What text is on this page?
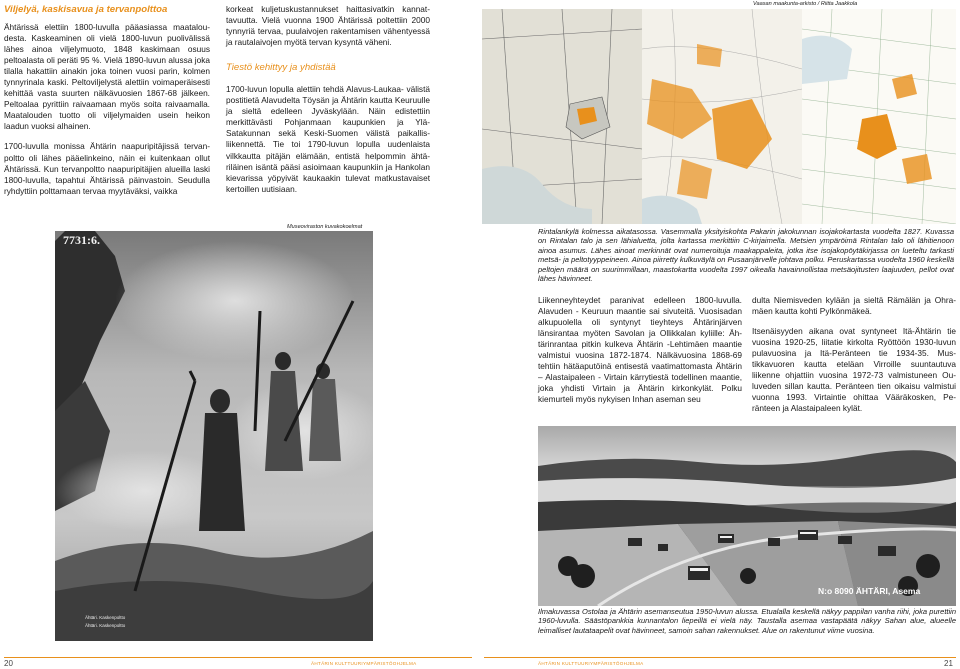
Viljelyä, kaskisavua ja tervanpolttoa

Ähtärissä elettiin 1800-luvulla pääasiassa maataloudesta. Kaskeaminen oli vielä 1800-luvun puolivälissä lähes ainoa viljelymuoto, 1848 kaskimaan osuus peltoalasta oli peräti 95 %. Vielä 1890-luvun alussa joka tilalla hakattiin ainakin joka toinen vuosi parin, kolmen tynnyrinala kaski. Peltoviljelystä alettiin voimaperäisesti kehittää vasta suurten nälkävuosien 1867-68 jälkeen. Peltoalaa pyrittiin raivaamaan myös soita raivaamalla. Maatalouden tuotto oli viljelymaiden usein heikon laadun vuoksi alhainen.

1700-luvulla monissa Ähtärin naapuripitäjissä tervanpoltto oli lähes pääelinkeino, näin ei kuitenkaan ollut Ähtärissä. Kun tervanpoltto naapuripitäjien alueilla laski 1800-luvulla, tapahtui Ähtärissä päinvastoin. Seudulla ryhdyttiin polttamaan tervaa myytäväksi, vaikka

korkeat kuljetuskustannukset haittasivatkin kannattavuutta. Vielä vuonna 1900 Ähtärissä poltettiin 2000 tynnyriä tervaa, puulaivojen rakentamisen vähentyessä ja rautalaivojen myötä tervan kysyntä väheni.

Tiestö kehittyy ja yhdistää

1700-luvun lopulla alettiin tehdä Alavus-Laukaa- välistä postitietä Alavudelta Töysän ja Ähtärin kautta Keuruulle ja sieltä edelleen Jyväskylään. Näin edistettiin merkittävästi Pohjanmaan kaupunkien ja Ylä-Satakunnan sekä Keski-Suomen välistä paikallisliikennettä. Tie toi 1790-luvun lopulla uudenlaista vilkkautta pitäjän elämään, entistä helpommin ähtäriläinen isäntä pääsi asioimaan kaupunkiin ja Hankolan kievarissa yöpyivät kaukaakin tulevat matkustavaiset kertoillen uutisiaan.

Museoviraston kuvakokoelmat
7731:6.
Ähtäri. Kaskenpoltto
Ähtäri. Kaskenpoltto
20	ÄHTÄRIN KULTTUURIYMPÄRISTÖOHJELMA
Vaasan maakunta-arkisto / Riitta Jaakkola
Rintalankylä kolmessa aikatasossa. Vasemmalla yksityiskohta Pakarin jakokunnan isojakokartasta vuodelta 1827. Kuvassa on Rintalan talo ja sen lähialuetta, jolta kartassa merkittiin C-kirjaimella. Metsien ympäröimä Rintalan talo oli lähitienoon ainoa asumus. Lähes ainoat merkinnät ovat numeroituja maakappaleita, jotka itse isojakopöytäkirjassa on lueteltu tarkasti metsä- ja peltotyyppeineen. Ainoa piirretty kulkuväylä on Pusaanjärvelle johtava polku. Peruskartassa vuodelta 1960 keskellä peltojen määrä on suurimmillaan, maastokartta vuodelta 1997 oikealla havainnollistaa metsäojitusten laajuuden, pellot ovat lähes hävinneet.

Liikenneyhteydet paranivat edelleen 1800-luvulla. Alavuden - Keuruun maantie sai sivuteitä. Vuosisadan alkupuolella oli syntynyt tieyhteys Ähtärinjärven länsirantaa myöten Savolan ja Ollikkalan kyliille: Ähtärinrantaa pitkin kulkeva Ähtärin -Lehtimäen maantie valmistui vuosina 1872-1874. Nälkävuosina 1868-69 tehtiin hätäaputöinä entisestä vaatimattomasta Ähtärin – Alastaipaleen - Virtain kärrytiestä todellinen maantie, joka yhdisti Virtain ja Ähtärin kirkonkylät. Polku kiemurteli myös nykyisen Inhan aseman seu

dulta Niemisveden kylään ja sieltä Rämälän ja Ohramäen kautta kohti Pylkönmäkeä.

Itsenäisyyden aikana ovat syntyneet Itä-Ähtärin tie vuosina 1920-25, liitatie kirkolta Ryöttöön 1930-luvun pulavuosina ja Itä-Peränteen tie 1934-35. Mustikkavuoren kautta eteläan Virroille suuntautuva liikenne ohjattiin vuosina 1972-73 valmistuneen Ouluveden sillan kautta. Peränteen tien oikaisu valmistui vuonna 1993. Virtaintie ohittaa Vääräkosken, Peränteen ja Alastaipaleen kylät.

N:o 8090 ÄHTÄRI, Asema
Ilmakuvassa Ostolaa ja Ähtärin asemanseutua 1950-luvun alussa. Etualalla keskellä näkyy pappilan vanha riihi, joka purettiin 1960-luvulla. Säästöpankkia kunnantalon liepeillä ei vielä näy. Taustalla asemaa vastapäätä näkyy Sahan alue, alueelle leimalliset lautataapelit ovat hävinneet, samoin sahan rakennukset. Alue on rakentunut viime vuosina.
ÄHTÄRIN KULTTUURIYMPÄRISTÖOHJELMA	21
